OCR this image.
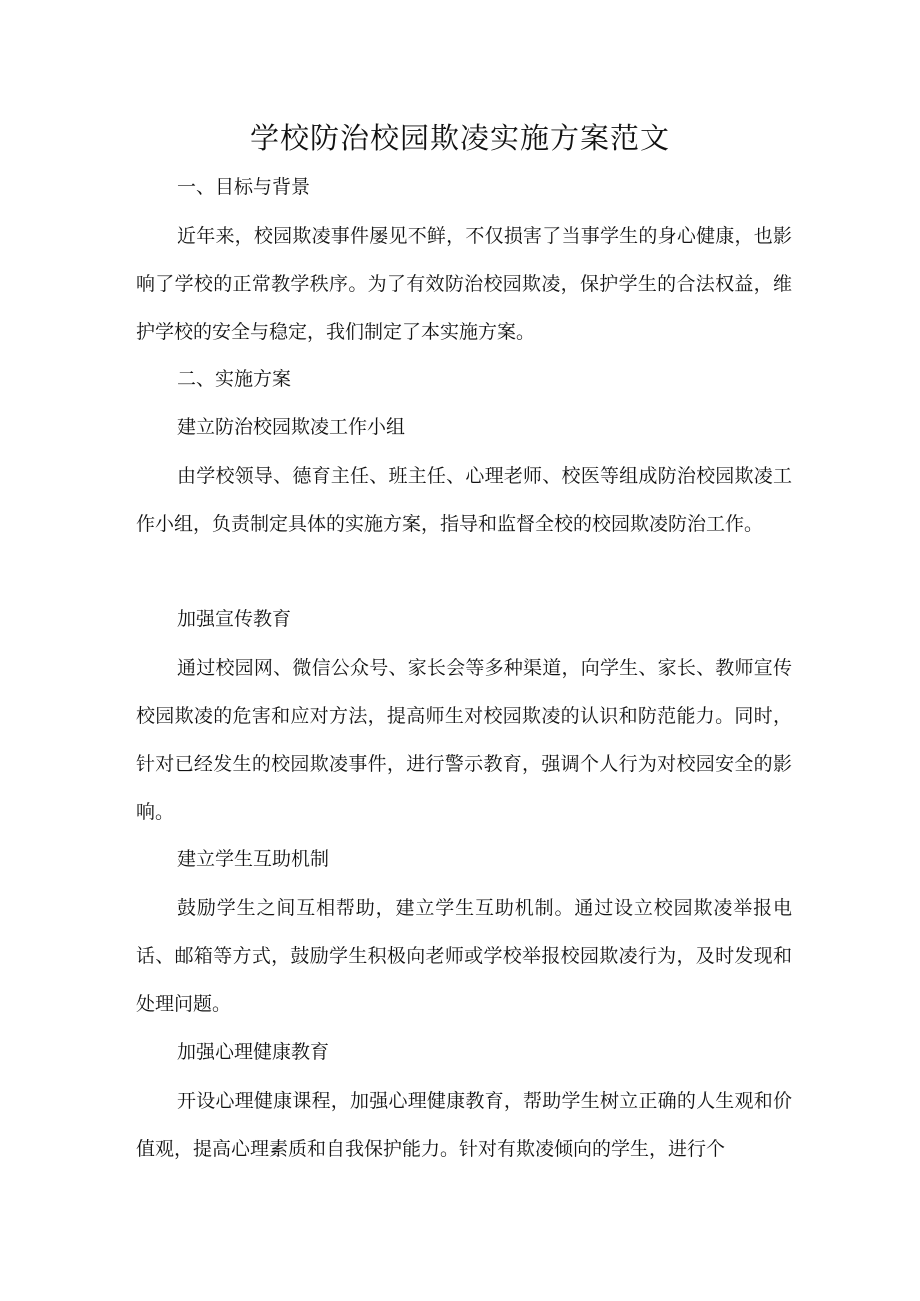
学校防治校园欺凌实施方案范文
一、目标与背景
近年来，校园欺凌事件屡见不鲜，不仅损害了当事学生的身心健康，也影响了学校的正常教学秩序。为了有效防治校园欺凌，保护学生的合法权益，维护学校的安全与稳定，我们制定了本实施方案。
二、实施方案
建立防治校园欺凌工作小组
由学校领导、德育主任、班主任、心理老师、校医等组成防治校园欺凌工作小组，负责制定具体的实施方案，指导和监督全校的校园欺凌防治工作。
加强宣传教育
通过校园网、微信公众号、家长会等多种渠道，向学生、家长、教师宣传校园欺凌的危害和应对方法，提高师生对校园欺凌的认识和防范能力。同时，针对已经发生的校园欺凌事件，进行警示教育，强调个人行为对校园安全的影响。
建立学生互助机制
鼓励学生之间互相帮助，建立学生互助机制。通过设立校园欺凌举报电话、邮箱等方式，鼓励学生积极向老师或学校举报校园欺凌行为，及时发现和处理问题。
加强心理健康教育
开设心理健康课程，加强心理健康教育，帮助学生树立正确的人生观和价值观，提高心理素质和自我保护能力。针对有欺凌倾向的学生，进行个
